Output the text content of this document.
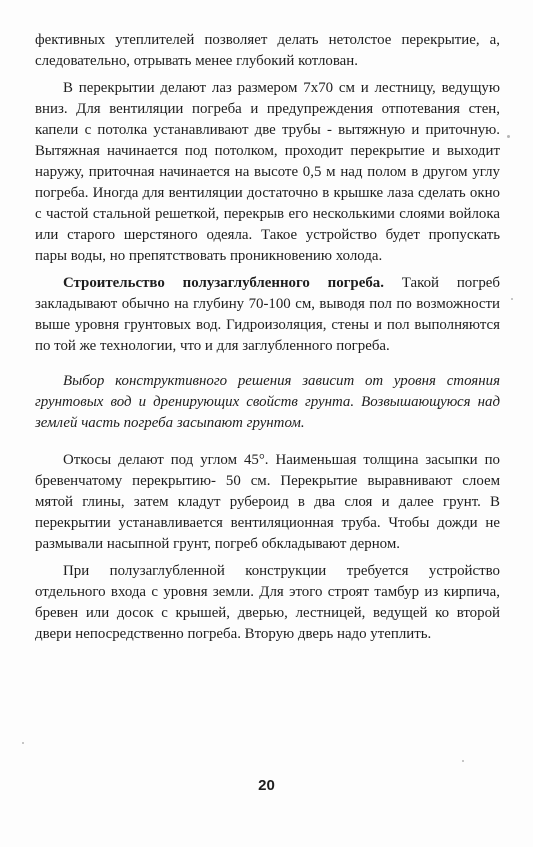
фективных утеплителей позволяет делать нетолстое перекрытие, а, следовательно, отрывать менее глубокий котлован.

В перекрытии делают лаз размером 7х70 см и лестницу, ведущую вниз. Для вентиляции погреба и предупреждения отпотевания стен, капели с потолка устанавливают две трубы - вытяжную и приточную. Вытяжная начинается под потолком, проходит перекрытие и выходит наружу, приточная начинается на высоте 0,5 м над полом в другом углу погреба. Иногда для вентиляции достаточно в крышке лаза сделать окно с частой стальной решеткой, перекрыв его несколькими слоями войлока или старого шерстяного одеяла. Такое устройство будет пропускать пары воды, но препятствовать проникновению холода.

Строительство полузаглубленного погреба. Такой погреб закладывают обычно на глубину 70-100 см, выводя пол по возможности выше уровня грунтовых вод. Гидроизоляция, стены и пол выполняются по той же технологии, что и для заглубленного погреба.

Выбор конструктивного решения зависит от уровня стояния грунтовых вод и дренирующих свойств грунта. Возвышающуюся над землей часть погреба засыпают грунтом.

Откосы делают под углом 45°. Наименьшая толщина засыпки по бревенчатому перекрытию- 50 см. Перекрытие выравнивают слоем мятой глины, затем кладут рубероид в два слоя и далее грунт. В перекрытии устанавливается вентиляционная труба. Чтобы дожди не размывали насыпной грунт, погреб обкладывают дерном.

При полузаглубленной конструкции требуется устройство отдельного входа с уровня земли. Для этого строят тамбур из кирпича, бревен или досок с крышей, дверью, лестницей, ведущей ко второй двери непосредственно погреба. Вторую дверь надо утеплить.

20
